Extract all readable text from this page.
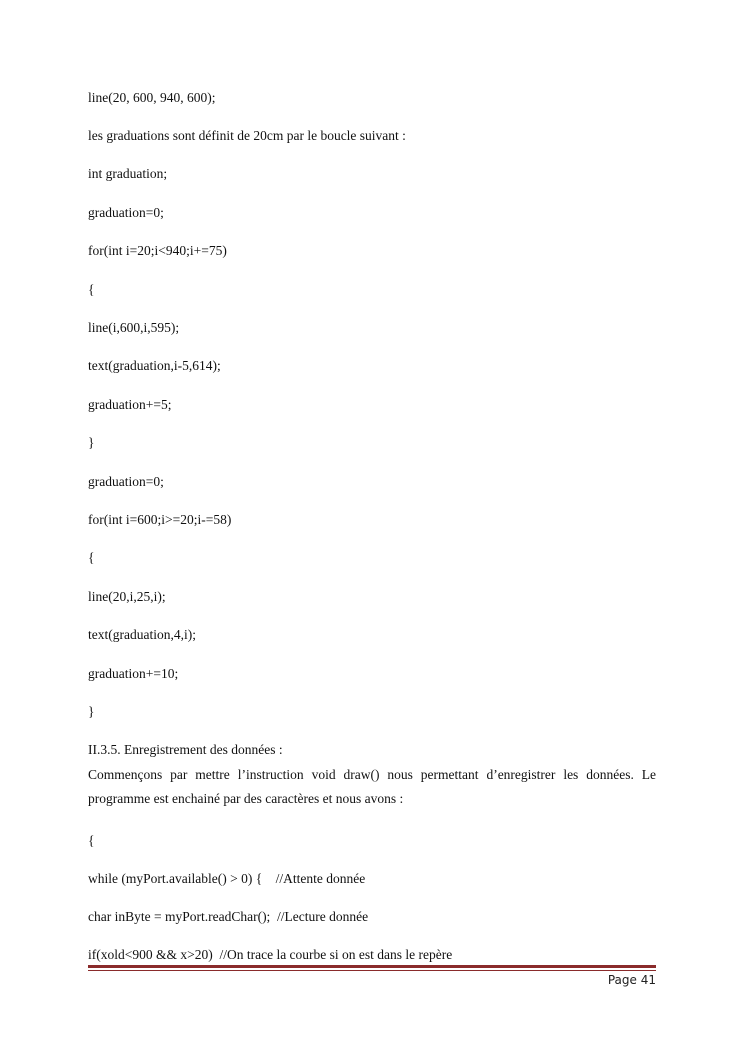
line(20, 600, 940, 600);
les graduations sont définit de 20cm par le boucle suivant :
int graduation;
graduation=0;
for(int i=20;i<940;i+=75)
{
line(i,600,i,595);
text(graduation,i-5,614);
graduation+=5;
}
graduation=0;
for(int i=600;i>=20;i-=58)
{
line(20,i,25,i);
text(graduation,4,i);
graduation+=10;
}
II.3.5. Enregistrement des données :
Commençons par mettre l’instruction void draw() nous permettant d’enregistrer les données. Le programme est enchainé par des caractères et nous avons :
{
while (myPort.available() > 0) {    //Attente donnée
char inByte = myPort.readChar();  //Lecture donnée
if(xold<900 && x>20)  //On trace la courbe si on est dans le repère
Page 41
